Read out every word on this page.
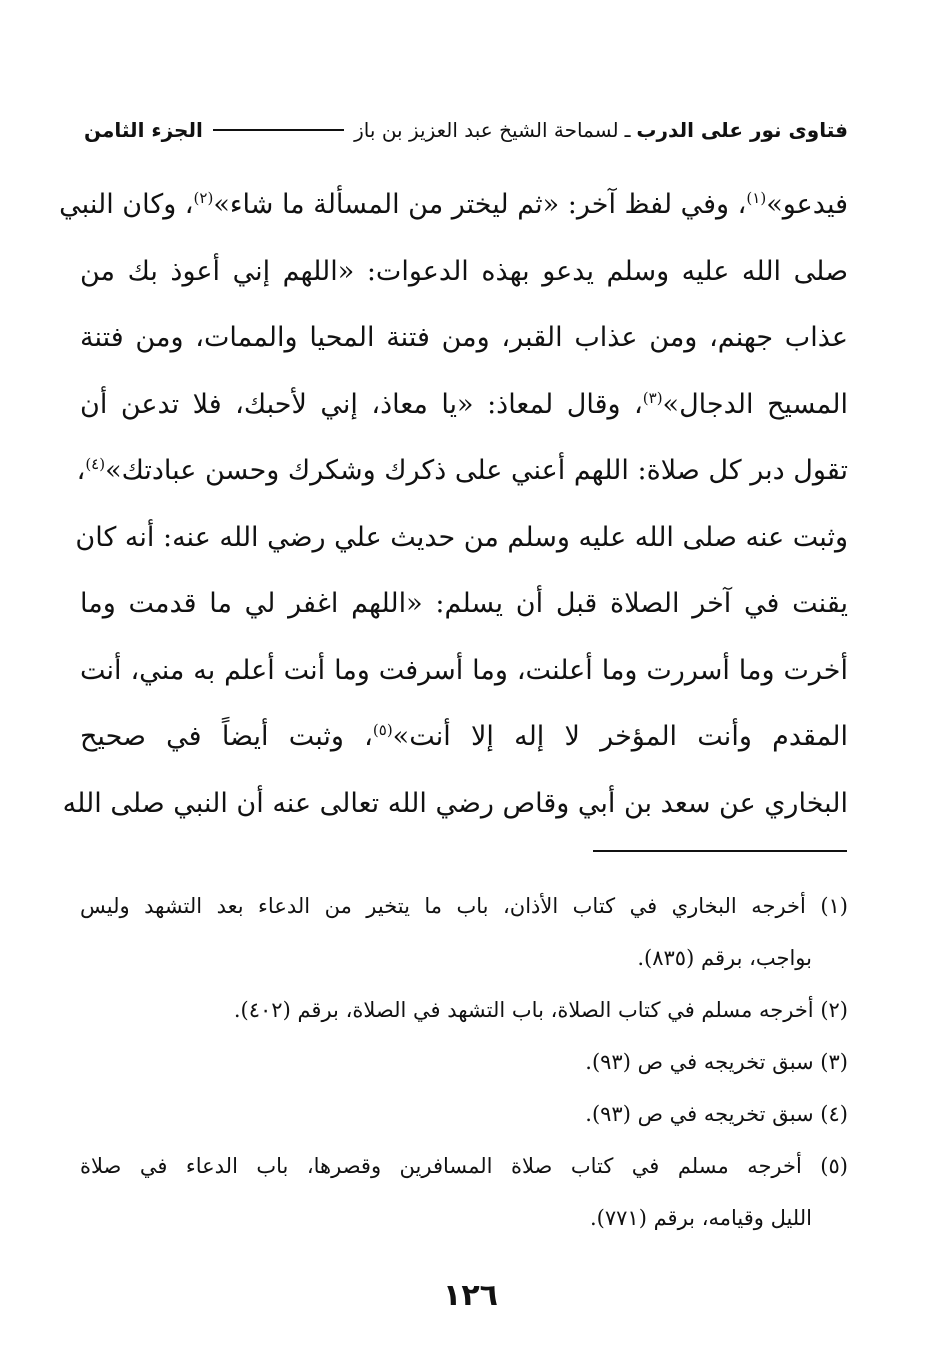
فتاوى نور على الدرب
ـ
لسماحة الشيخ عبد العزيز بن باز
الجزء الثامن
فيدعو»$^{(١)}$، وفي لفظ آخر: «ثم ليختر من المسألة ما شاء»$^{(٢)}$، وكان النبي
صلى الله عليه وسلم يدعو بهذه الدعوات: «اللهم إني أعوذ بك من
عذاب جهنم، ومن عذاب القبر، ومن فتنة المحيا والممات، ومن فتنة
المسيح الدجال»$^{(٣)}$، وقال لمعاذ: «يا معاذ، إني لأحبك، فلا تدعن أن
تقول دبر كل صلاة: اللهم أعني على ذكرك وشكرك وحسن عبادتك»$^{(٤)}$،
وثبت عنه صلى الله عليه وسلم من حديث علي رضي الله عنه: أنه كان
يقنت في آخر الصلاة قبل أن يسلم: «اللهم اغفر لي ما قدمت وما
أخرت وما أسررت وما أعلنت، وما أسرفت وما أنت أعلم به مني، أنت
المقدم وأنت المؤخر لا إله إلا أنت»$^{(٥)}$، وثبت أيضاً في صحيح
البخاري عن سعد بن أبي وقاص رضي الله تعالى عنه أن النبي صلى الله
(١) أخرجه البخاري في كتاب الأذان، باب ما يتخير من الدعاء بعد التشهد وليس
بواجب، برقم (٨٣٥).
(٢) أخرجه مسلم في كتاب الصلاة، باب التشهد في الصلاة، برقم (٤٠٢).
(٣) سبق تخريجه في ص (٩٣).
(٤) سبق تخريجه في ص (٩٣).
(٥) أخرجه مسلم في كتاب صلاة المسافرين وقصرها، باب الدعاء في صلاة
الليل وقيامه، برقم (٧٧١).
١٢٦
